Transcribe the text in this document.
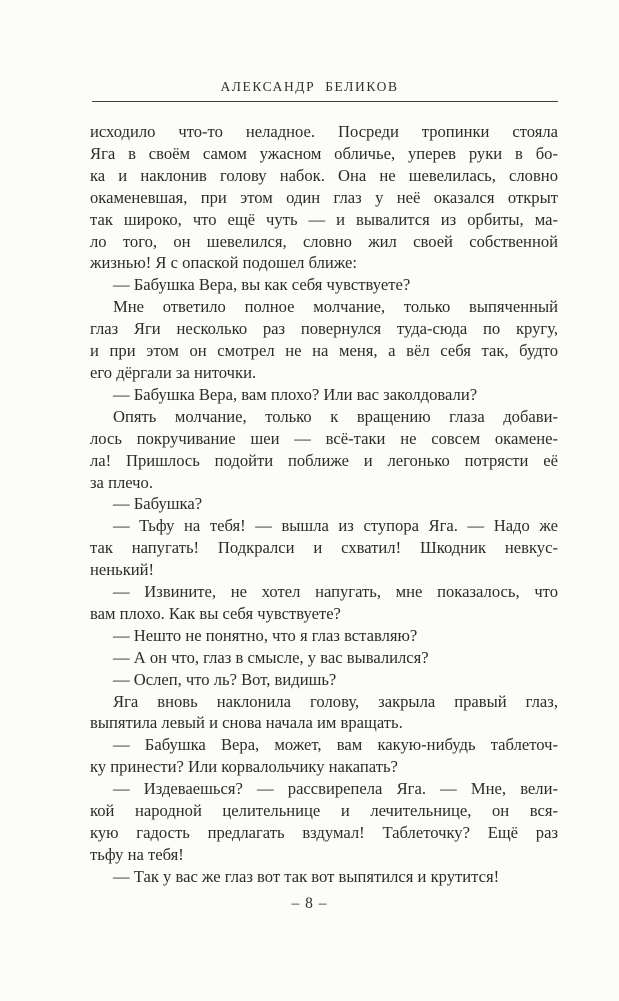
АЛЕКСАНДР БЕЛИКОВ
исходило что-то неладное. Посреди тропинки стояла
Яга в своём самом ужасном обличье, уперев руки в бо-
ка и наклонив голову набок. Она не шевелилась, словно
окаменевшая, при этом один глаз у неё оказался открыт
так широко, что ещё чуть — и вывалится из орбиты, ма-
ло того, он шевелился, словно жил своей собственной
жизнью! Я с опаской подошел ближе:
— Бабушка Вера, вы как себя чувствуете?
Мне ответило полное молчание, только выпяченный
глаз Яги несколько раз повернулся туда-сюда по кругу,
и при этом он смотрел не на меня, а вёл себя так, будто
его дёргали за ниточки.
— Бабушка Вера, вам плохо? Или вас заколдовали?
Опять молчание, только к вращению глаза добави-
лось покручивание шеи — всё-таки не совсем окамене-
ла! Пришлось подойти поближе и легонько потрясти её
за плечо.
— Бабушка?
— Тьфу на тебя! — вышла из ступора Яга. — Надо же
так напугать! Подкралси и схватил! Шкодник невкус-
ненький!
— Извините, не хотел напугать, мне показалось, что
вам плохо. Как вы себя чувствуете?
— Нешто не понятно, что я глаз вставляю?
— А он что, глаз в смысле, у вас вывалился?
— Ослеп, что ль? Вот, видишь?
Яга вновь наклонила голову, закрыла правый глаз,
выпятила левый и снова начала им вращать.
— Бабушка Вера, может, вам какую-нибудь таблеточ-
ку принести? Или корвалольчику накапать?
— Издеваешься? — рассвирепела Яга. — Мне, вели-
кой народной целительнице и лечительнице, он вся-
кую гадость предлагать вздумал! Таблеточку? Ещё раз
тьфу на тебя!
— Так у вас же глаз вот так вот выпятился и крутится!
– 8 –
